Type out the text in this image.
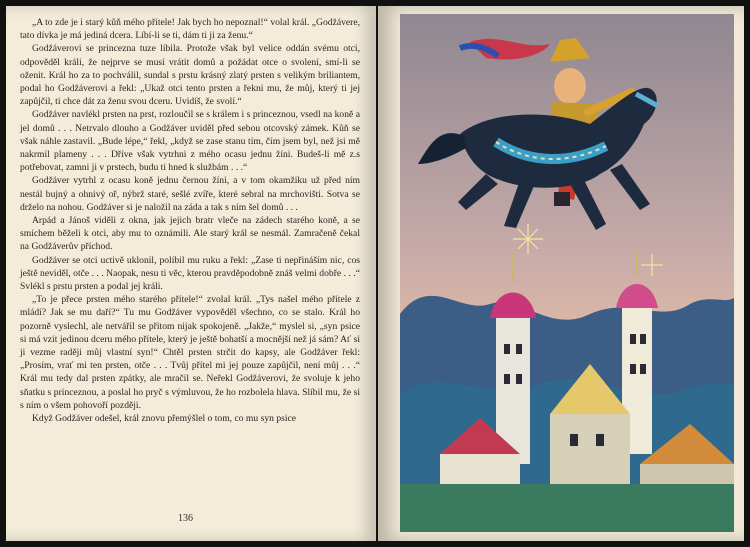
„A to zde je i starý kůň mého přítele! Jak bych ho nepoznal!“ volal král. „Godžávere, tato dívka je má jediná dcera. Líbí-li se ti, dám ti ji za ženu.“

Godžáverovi se princezna tuze líbila. Protože však byl velice oddán svému otci, odpověděl králi, že nejprve se musí vrátit domů a požádat otce o svolení, smí-li se oženit. Král ho za to pochválil, sundal s prstu krásný zlatý prsten s velikým briliantem, podal ho Godžáverovi a řekl: „Ukaž otci tento prsten a řekni mu, že můj, který ti jej zapůjčil, ti chce dát za ženu svou dceru. Uvidíš, že svolí.“

Godžáver navlékl prsten na prst, rozloučil se s králem i s princeznou, vsedl na koně a jel domů . . . Netrvalo dlouho a Godžáver uviděl před sebou otcovský zámek. Kůň se však náhle zastavil. „Bude lépe,“ řekl, „když se zase stanu tím, čím jsem byl, než jsi mě nakrmil plameny . . . Dříve však vytrhni z mého ocasu jednu žíni. Budeš-li mě z.s potřebovat, zamni ji v prstech, budu ti hned k službám . . .“

Godžáver vytrhl z ocasu koně jednu černou žíni, a v tom okamžiku už před ním nestál bujný a ohnivý oř, nýbrž staré, sešlé zvíře, které sebral na mrchovišti. Sotva se drželo na nohou. Godžáver si je naložil na záda a tak s ním šel domů . . .

Arpád a Jánoš viděli z okna, jak jejich bratr vleče na zádech starého koně, a se smíchem běželi k otci, aby mu to oznámili. Ale starý král se nesmál. Zamračeně čekal na Godžáverův příchod.

Godžáver se otci uctivě uklonil, políbil mu ruku a řekl: „Zase ti nepřináším nic, cos ještě neviděl, otče . . . Naopak, nesu ti věc, kterou pravděpodobně znáš velmi dobře . . .“ Svlékl s prstu prsten a podal jej králi.

„To je přece prsten mého starého přítele!“ zvolal král. „Tys našel mého přítele z mládí? Jak se mu daří?“ Tu mu Godžáver vypověděl všechno, co se stalo. Král ho pozorně vyslechl, ale netvářil se přitom nijak spokojeně. „Jakže,“ myslel si, „syn psice si má vzít jedinou dceru mého přítele, který je ještě bohatší a mocnější než já sám? Ať si ji vezme raději můj vlastní syn!“ Chtěl prsten strčit do kapsy, ale Godžáver řekl: „Prosím, vrať mi ten prsten, otče . . . Tvůj přítel mi jej pouze zapůjčil, není můj . . .“ Král mu tedy dal prsten zpátky, ale mračil se. Neřekl Godžáverovi, že svoluje k jeho sňatku s princeznou, a poslal ho pryč s výmluvou, že ho rozbolela hlava. Slíbil mu, že si s ním o všem pohovoří později.

Když Godžáver odešel, král znovu přemýšlel o tom, co mu syn psice

136
